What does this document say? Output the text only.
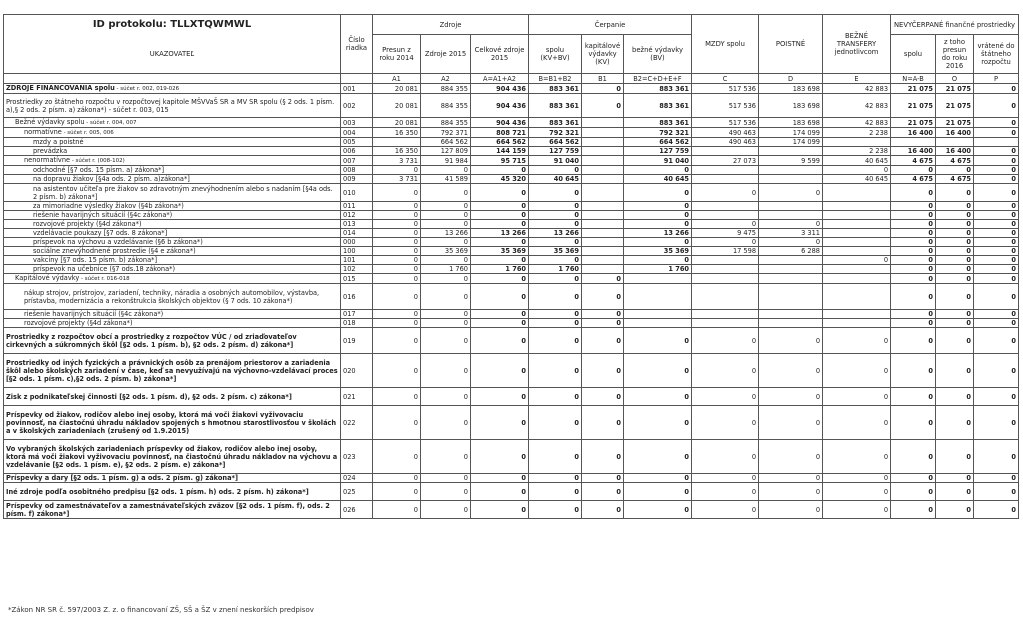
ID protokolu: TLLXTQWMWL	Číslo riadka	Zdroje			Čerpanie			MZDY spolu	POISTNÉ	BEŽNÉ TRANSFERY jednotlivcom	NEVYČERPANÉ finančné prostriedky		
UKAZOVATEĽ		Presun z roku 2014	Zdroje 2015	Celkové zdroje 2015	spolu (KV+BV)	kapitálové výdavky (KV)	bežné výdavky (BV)				spolu	z toho presun do roku 2016	vrátené do štátneho rozpočtu
		A1	A2	A=A1+A2	B=B1+B2	B1	B2=C+D+E+F	C	D	E	N=A-B	O	P
ZDROJE FINANCOVANIA spolu - súčet r. 002, 019-026	001	20 081	884 355	904 436	883 361	0	883 361	517 536	183 698	42 883	21 075	21 075	0
Prostriedky zo štátneho rozpočtu v rozpočtovej kapitole MŠVVaŠ SR a MV SR spolu (§ 2 ods. 1 písm. a),§ 2 ods. 2 písm. a) zákona*) - súčet r. 003, 015	002	20 081	884 355	904 436	883 361	0	883 361	517 536	183 698	42 883	21 075	21 075	0
Bežné výdavky spolu - súčet r. 004, 007	003	20 081	884 355	904 436	883 361		883 361	517 536	183 698	42 883	21 075	21 075	0
normatívne - súčet r. 005, 006	004	16 350	792 371	808 721	792 321		792 321	490 463	174 099	2 238	16 400	16 400	0
mzdy a poistné	005		664 562	664 562	664 562		664 562	490 463	174 099				
prevádzka	006	16 350	127 809	144 159	127 759		127 759			2 238	16 400	16 400	0
nenormatívne - súčet r. (008-102)	007	3 731	91 984	95 715	91 040		91 040	27 073	9 599	40 645	4 675	4 675	0
odchodné [§7 ods. 15 písm. a) zákona*]	008	0	0	0	0		0			0	0	0	0
na dopravu žiakov [§4a ods. 2 písm. a)zákona*]	009	3 731	41 589	45 320	40 645		40 645			40 645	4 675	4 675	0
na asistentov učiteľa pre žiakov so zdravotným znevýhodnením alebo s nadaním [§4a ods. 2 písm. b) zákona*]	010	0	0	0	0		0	0	0		0	0	0
za mimoriadne výsledky žiakov (§4b zákona*)	011	0	0	0	0		0				0	0	0
riešenie havarijných situácií (§4c zákona*)	012	0	0	0	0		0				0	0	0
rozvojové projekty (§4d zákona*)	013	0	0	0	0		0	0	0		0	0	0
vzdelávacie poukazy [§7 ods. 8 zákona*]	014	0	13 266	13 266	13 266		13 266	9 475	3 311		0	0	0
príspevok na výchovu a vzdelávanie (§6 b zákona*)	000	0	0	0	0		0	0	0		0	0	0
sociálne znevýhodnené prostredie (§4 e zákona*)	100	0	35 369	35 369	35 369		35 369	17 598	6 288		0	0	0
vakcíny [§7 ods. 15 písm. b) zákona*]	101	0	0	0	0		0			0	0	0	0
príspevok na učebnice (§7 ods.18 zákona*)	102	0	1 760	1 760	1 760		1 760				0	0	0
Kapitálové výdavky - súčet r. 016-018	015	0	0	0	0	0					0	0	0
nákup strojov, prístrojov, zariadení, techniky, náradia a osobných automobilov, výstavba, prístavba, modernizácia a rekonštrukcia školských objektov (§ 7 ods. 10 zákona*)	016	0	0	0	0	0					0	0	0
riešenie havarijných situácií (§4c zákona*)	017	0	0	0	0	0					0	0	0
rozvojové projekty (§4d zákona*)	018	0	0	0	0	0					0	0	0
Prostriedky z rozpočtov obcí a prostriedky z rozpočtov VÚC / od zriaďovateľov cirkevných a súkromných škôl [§2 ods. 1 písm. b), §2 ods. 2 písm. d) zákona*]	019	0	0	0	0	0	0	0	0	0	0	0	0
Prostriedky od iných fyzických a právnických osôb za prenájom priestorov a zariadenia škôl alebo školských zariadení v čase, keď sa nevyužívajú na výchovno-vzdelávací proces [§2 ods. 1 písm. c),§2 ods. 2 písm. b) zákona*]	020	0	0	0	0	0	0	0	0	0	0	0	0
Zisk z podnikateľskej činnosti [§2 ods. 1 písm. d), §2 ods. 2 písm. c) zákona*]	021	0	0	0	0	0	0	0	0	0	0	0	0
Príspevky od žiakov, rodičov alebo inej osoby, ktorá má voči žiakovi vyživovaciu povinnosť, na čiastočnú úhradu nákladov spojených s hmotnou starostlivosťou v školách a v školských zariadeniach (zrušený od 1.9.2015)	022	0	0	0	0	0	0	0	0	0	0	0	0
Vo vybraných školských zariadeniach príspevky od žiakov, rodičov alebo inej osoby, ktorá má voči žiakovi vyživovaciu povinnosť, na čiastočnú úhradu nákladov na výchovu a vzdelávanie [§2 ods. 1 písm. e), §2 ods. 2 písm. e) zákona*]	023	0	0	0	0	0	0	0	0	0	0	0	0
Príspevky a dary [§2 ods. 1 písm. g) a ods. 2 písm. g) zákona*]	024	0	0	0	0	0	0	0	0	0	0	0	0
Iné zdroje podľa osobitného predpisu [§2 ods. 1 písm. h) ods. 2 písm. h) zákona*]	025	0	0	0	0	0	0	0	0	0	0	0	0
Príspevky od zamestnávateľov a zamestnávateľských zväzov [§2 ods. 1 písm. f), ods. 2 písm. f) zákona*]	026	0	0	0	0	0	0	0	0	0	0	0	0
*Zákon NR SR č. 597/2003 Z. z. o financovaní ZŠ, SŠ a ŠZ v znení neskorších predpisov
